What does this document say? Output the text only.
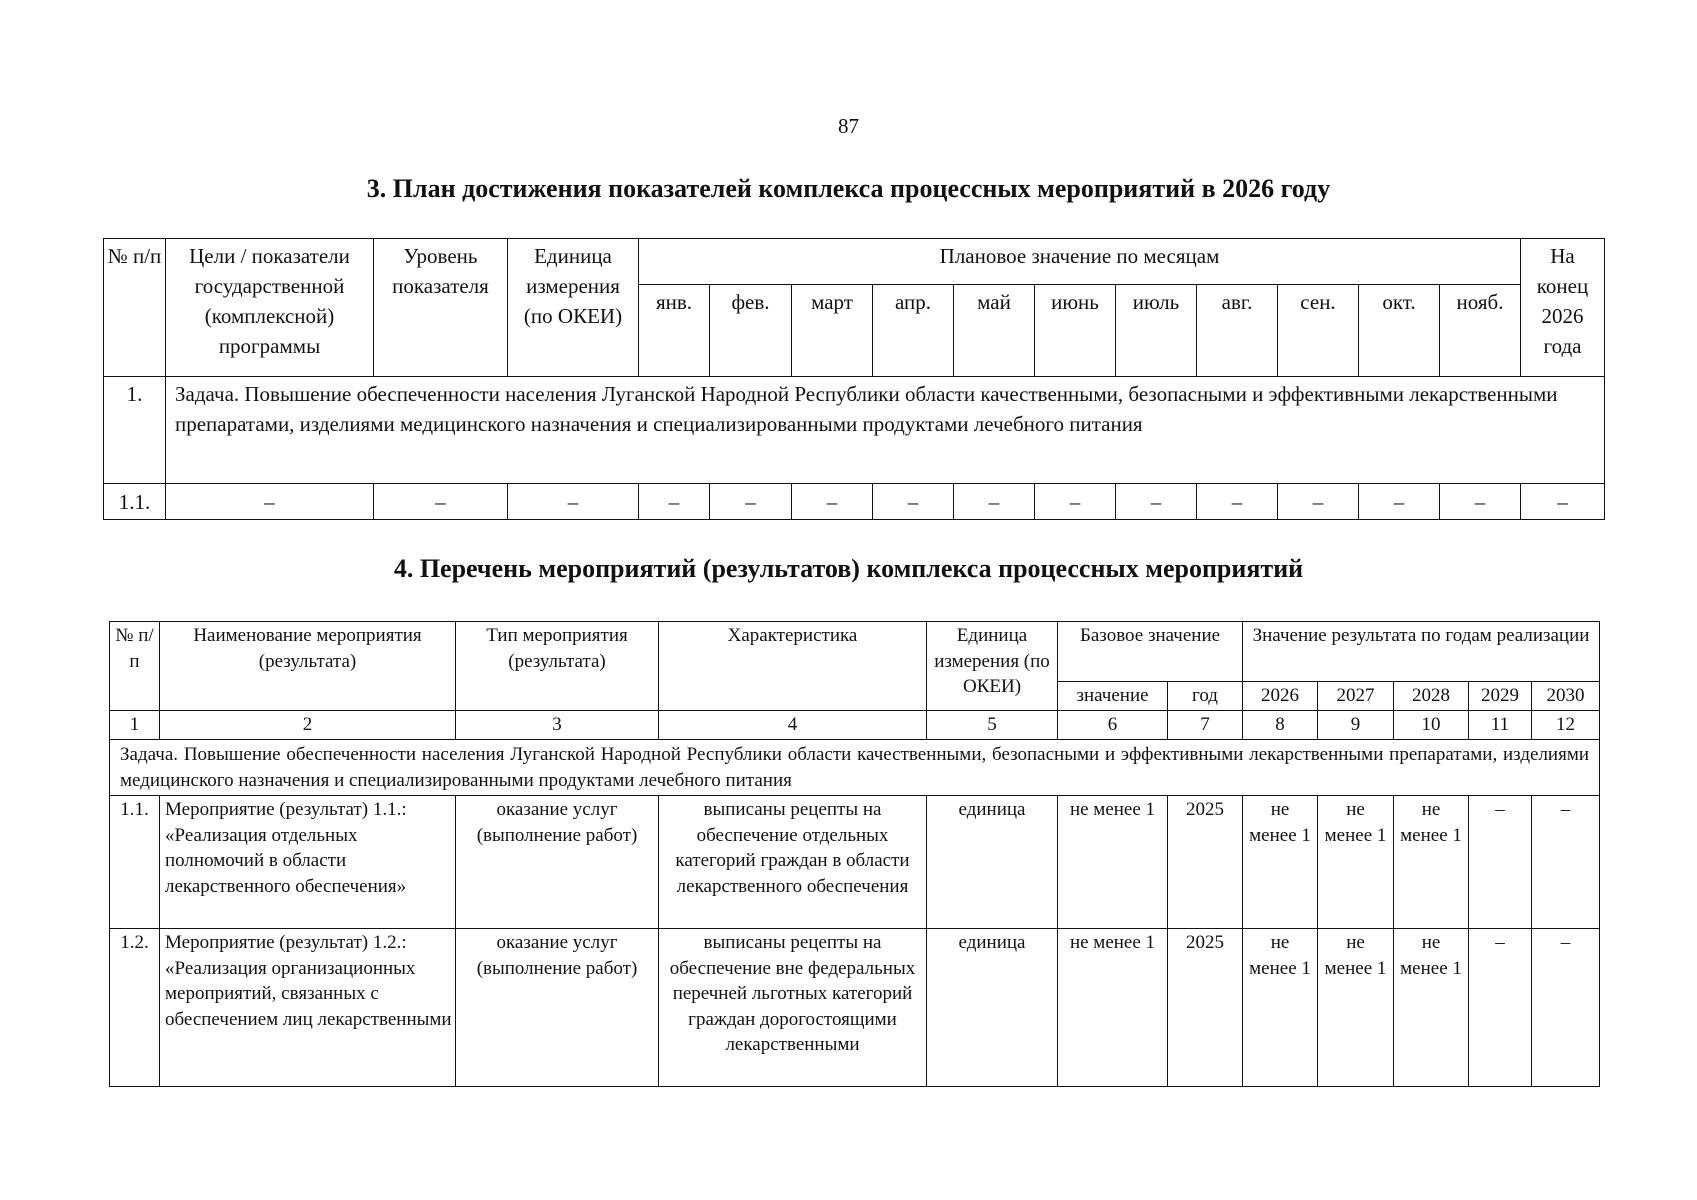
87
3. План достижения показателей комплекса процессных мероприятий в 2026 году
№ п/п	Цели / показатели государственной (комплексной) программы	Уровень показателя	Единица измерения (по ОКЕИ)	Плановое значение по месяцам											На конец 2026 года
				янв.	фев.	март	апр.	май	июнь	июль	авг.	сен.	окт.	нояб.	
1.	Задача. Повышение обеспеченности населения Луганской Народной Республики области качественными, безопасными и эффективными лекарственными препаратами, изделиями медицинского назначения и специализированными продуктами лечебного питания														
1.1.	–	–	–	–	–	–	–	–	–	–	–	–	–	–	–
4. Перечень мероприятий (результатов) комплекса процессных мероприятий
№ п/п	Наименование мероприятия (результата)	Тип мероприятия (результата)	Характеристика	Единица измерения (по ОКЕИ)	Базовое значение		Значение результата по годам реализации				
					значение	год	2026	2027	2028	2029	2030
1	2	3	4	5	6	7	8	9	10	11	12
Задача. Повышение обеспеченности населения Луганской Народной Республики области качественными, безопасными и эффективными лекарственными препаратами, изделиями медицинского назначения и специализированными продуктами лечебного питания											
1.1.	Мероприятие (результат) 1.1.: «Реализация отдельных полномочий в области лекарственного обеспечения»	оказание услуг (выполнение работ)	выписаны рецепты на обеспечение отдельных категорий граждан в области лекарственного обеспечения	единица	не менее 1	2025	не менее 1	не менее 1	не менее 1	–	–
1.2.	Мероприятие (результат) 1.2.: «Реализация организационных мероприятий, связанных с обеспечением лиц лекарственными	оказание услуг (выполнение работ)	выписаны рецепты на обеспечение вне федеральных перечней льготных категорий граждан дорогостоящими лекарственными	единица	не менее 1	2025	не менее 1	не менее 1	не менее 1	–	–
